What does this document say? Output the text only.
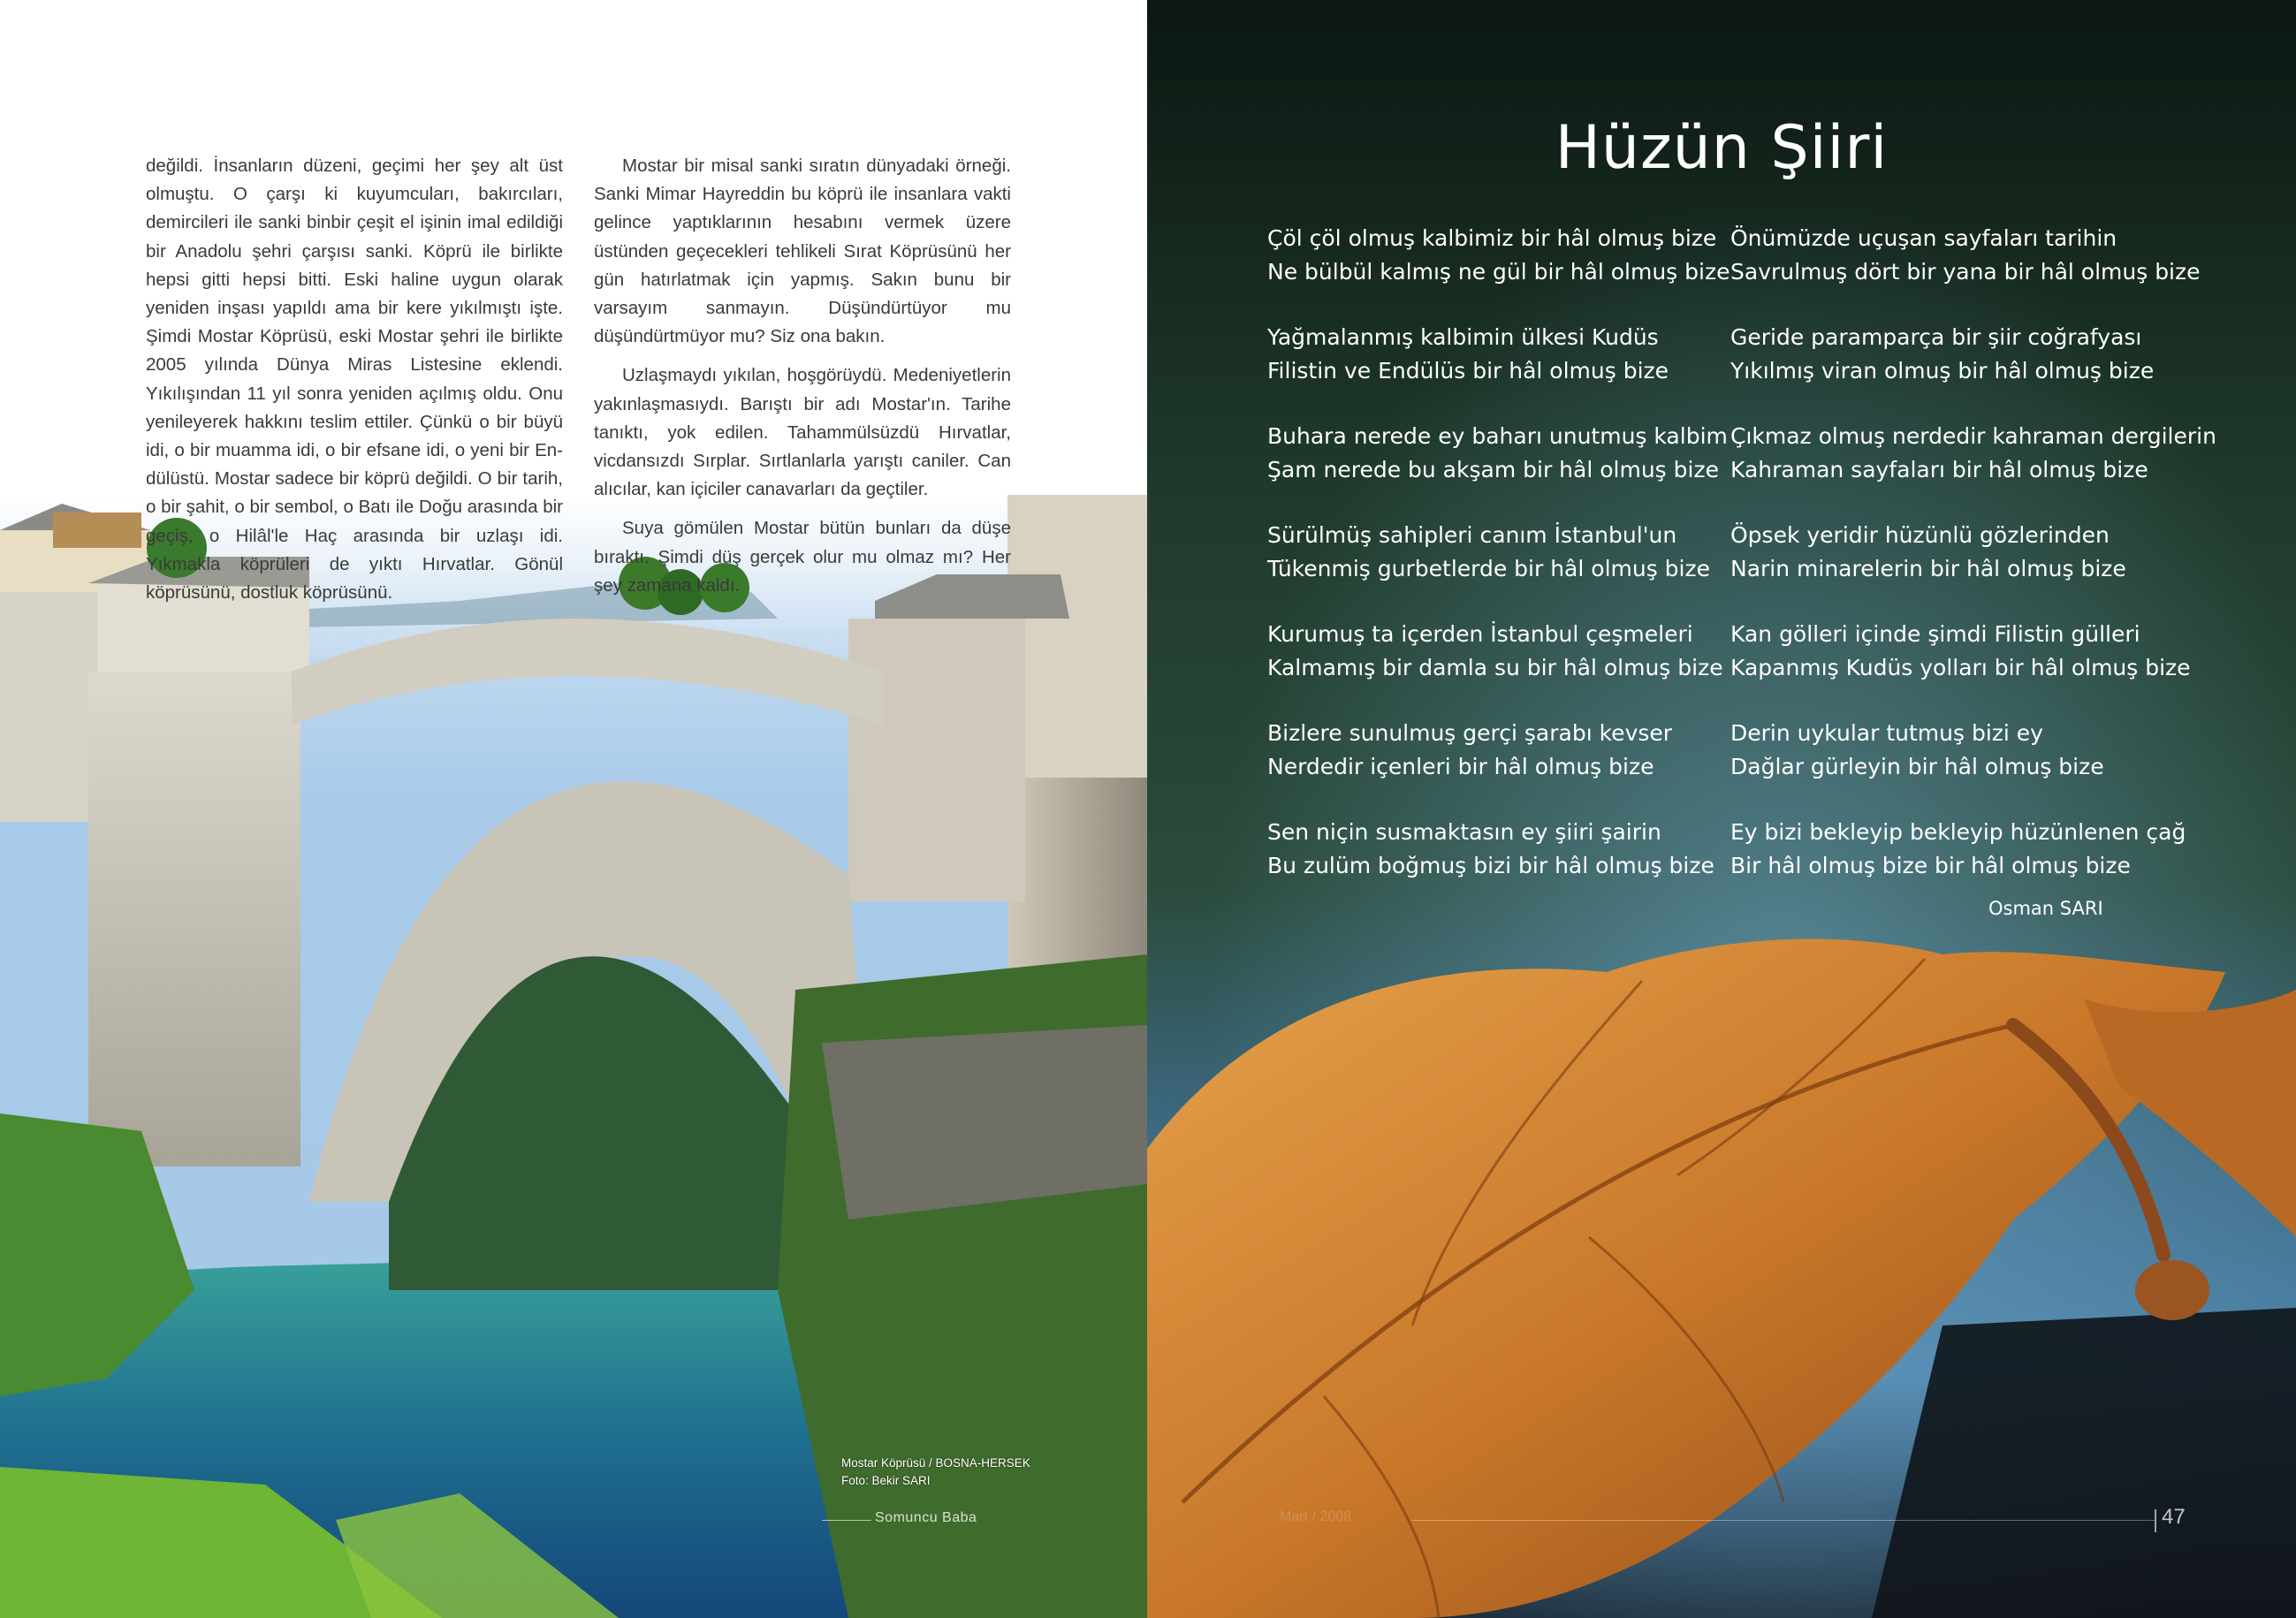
değildi. İnsanların düzeni, geçimi her şey alt üst olmuştu. O çarşı ki kuyumcuları, bakırcıları, demircileri ile sanki binbir çeşit el işinin imal edildiği bir Anadolu şehri çarşısı sanki. Köprü ile birlikte hepsi gitti hepsi bitti. Eski haline uygun olarak yeniden inşası yapıldı ama bir kere yıkılmıştı işte. Şimdi Mostar Köprüsü, eski Mostar şehri ile birlikte 2005 yılında Dünya Miras Listesine eklendi. Yıkılışından 11 yıl sonra yeniden açılmış oldu. Onu yenileyerek hakkını teslim ettiler. Çünkü o bir büyü idi, o bir muamma idi, o bir efsane idi, o yeni bir Endülüstü. Mostar sadece bir köprü değildi. O bir tarih, o bir şahit, o bir sembol, o Batı ile Doğu arasında bir geçiş, o Hilâl'le Haç arasında bir uzlaşı idi. Yıkmakla köprüleri de yıktı Hırvatlar. Gönül köprüsünü, dostluk köprüsünü.

Mostar bir misal sanki sıratın dünyadaki örneği. Sanki Mimar Hayreddin bu köprü ile insanlara vakti gelince yaptıklarının hesabını vermek üzere üstünden geçecekleri tehlikeli Sırat Köprüsünü her gün hatırlatmak için yapmış. Sakın bunu bir varsayım sanmayın. Düşündürtüyor mu düşündürtmüyor mu? Siz ona bakın.

Uzlaşmaydı yıkılan, hoşgörüydü. Medeniyetlerin yakınlaşmasıydı. Barıştı bir adı Mostar'ın. Tarihe tanıktı, yok edilen. Tahammülsüzdü Hırvatlar, vicdansızdı Sırplar. Sırtlanlarla yarıştı caniler. Can alıcılar, kan içiciler canavarları da geçtiler.

Suya gömülen Mostar bütün bunları da düşe bıraktı. Şimdi düş gerçek olur mu olmaz mı? Her şey zamana kaldı.

Mostar Köprüsü / BOSNA-HERSEK
Foto: Bekir SARI
Somuncu Baba
Hüzün Şiiri
Çöl çöl olmuş kalbimiz bir hâl olmuş bize
Ne bülbül kalmış ne gül bir hâl olmuş bize
Yağmalanmış kalbimin ülkesi Kudüs
Filistin ve Endülüs bir hâl olmuş bize
Buhara nerede ey baharı unutmuş kalbim
Şam nerede bu akşam bir hâl olmuş bize
Sürülmüş sahipleri canım İstanbul'un
Tükenmiş gurbetlerde bir hâl olmuş bize
Kurumuş ta içerden İstanbul çeşmeleri
Kalmamış bir damla su bir hâl olmuş bize
Bizlere sunulmuş gerçi şarabı kevser
Nerdedir içenleri bir hâl olmuş bize
Sen niçin susmaktasın ey şiiri şairin
Bu zulüm boğmuş bizi bir hâl olmuş bize
Önümüzde uçuşan sayfaları tarihin
Savrulmuş dört bir yana bir hâl olmuş bize
Geride paramparça bir şiir coğrafyası
Yıkılmış viran olmuş bir hâl olmuş bize
Çıkmaz olmuş nerdedir kahraman dergilerin
Kahraman sayfaları bir hâl olmuş bize
Öpsek yeridir hüzünlü gözlerinden
Narin minarelerin bir hâl olmuş bize
Kan gölleri içinde şimdi Filistin gülleri
Kapanmış Kudüs yolları bir hâl olmuş bize
Derin uykular tutmuş bizi ey
Dağlar gürleyin bir hâl olmuş bize
Ey bizi bekleyip bekleyip hüzünlenen çağ
Bir hâl olmuş bize bir hâl olmuş bize
Osman SARI
Mart / 2008	47
